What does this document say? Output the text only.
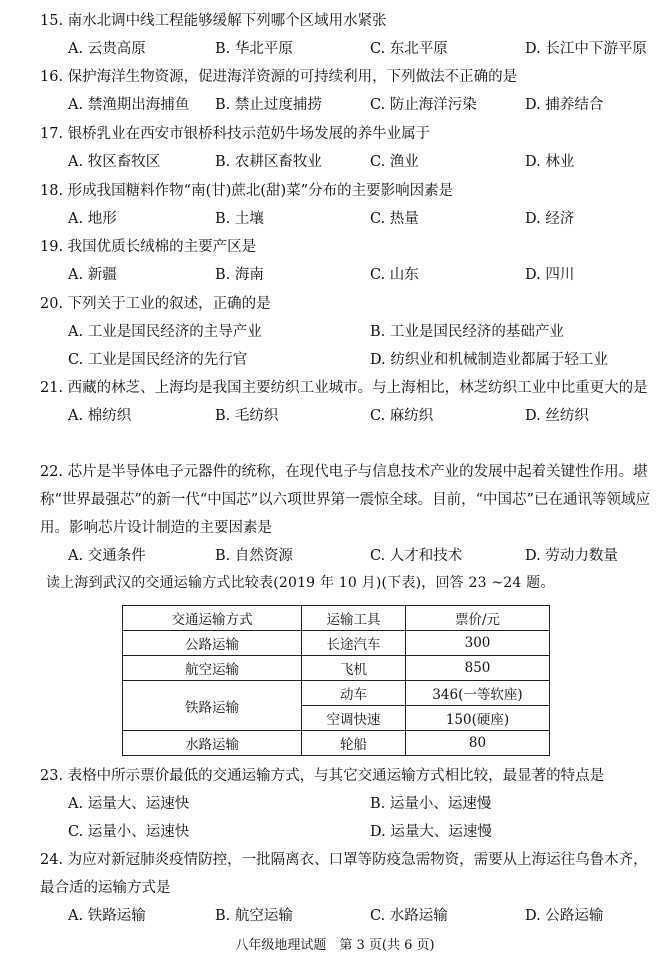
15. 南水北调中线工程能够缓解下列哪个区域用水紧张
A. 云贵高原	B. 华北平原	C. 东北平原	D. 长江中下游平原
16. 保护海洋生物资源，促进海洋资源的可持续利用，下列做法不正确的是
A. 禁渔期出海捕鱼 B. 禁止过度捕捞	C. 防止海洋污染	D. 捕养结合
17. 银桥乳业在西安市银桥科技示范奶牛场发展的养牛业属于
A. 牧区畜牧区	B. 农耕区畜牧业	C. 渔业	D. 林业
18. 形成我国糖料作物“南(甘)蔗北(甜)菜”分布的主要影响因素是
A. 地形	B. 土壤	C. 热量	D. 经济
19. 我国优质长绒棉的主要产区是
A. 新疆	B. 海南	C. 山东	D. 四川
20. 下列关于工业的叙述，正确的是
A. 工业是国民经济的主导产业	B. 工业是国民经济的基础产业
C. 工业是国民经济的先行官	D. 纺织业和机械制造业都属于轻工业
21. 西藏的林芝、上海均是我国主要纺织工业城市。与上海相比，林芝纺织工业中比重更大的是
A. 棉纺织	B. 毛纺织	C. 麻纺织	D. 丝纺织
22. 芯片是半导体电子元器件的统称，在现代电子与信息技术产业的发展中起着关键性作用。堪称“世界最强芯”的新一代“中国芯”以六项世界第一震惊全球。目前，“中国芯”已在通讯等领域应用。影响芯片设计制造的主要因素是
A. 交通条件	B. 自然资源	C. 人才和技术	D. 劳动力数量
读上海到武汉的交通运输方式比较表(2019 年 10 月)(下表)，回答 23 ~24 题。
交通运输方式	运输工具	票价/元
公路运输	长途汽车	300
航空运输	飞机	850
铁路运输	动车	346(一等软座)
	空调快速	150(硬座)
水路运输	轮船	80
23. 表格中所示票价最低的交通运输方式，与其它交通运输方式相比较，最显著的特点是
A. 运量大、运速快	B. 运量小、运速慢
C. 运量小、运速快	D. 运量大、运速慢
24. 为应对新冠肺炎疫情防控，一批隔离衣、口罩等防疫急需物资，需要从上海运往乌鲁木齐，最合适的运输方式是
A. 铁路运输	B. 航空运输	C. 水路运输	D. 公路运输
八年级地理试题　第 3 页(共 6 页)
